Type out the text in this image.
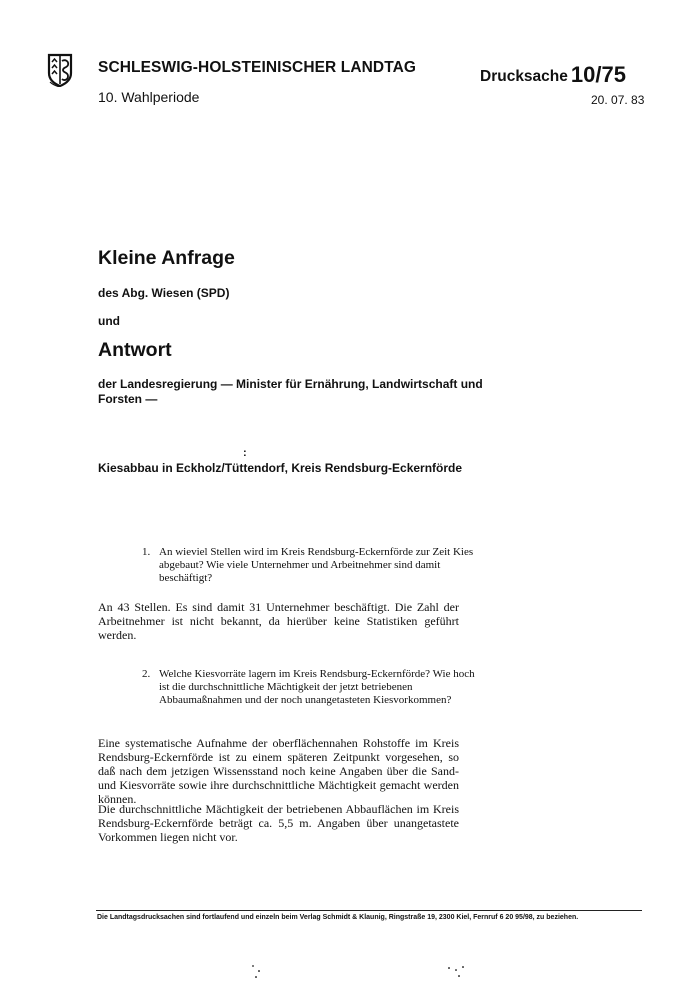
SCHLESWIG-HOLSTEINISCHER LANDTAG
10. Wahlperiode
Drucksache 10/75
20. 07. 83
Kleine Anfrage
des Abg. Wiesen (SPD)
und
Antwort
der Landesregierung — Minister für Ernährung, Landwirtschaft und Forsten —
:
Kiesabbau in Eckholz/Tüttendorf, Kreis Rendsburg-Eckernförde
1. An wieviel Stellen wird im Kreis Rendsburg-Eckernförde zur Zeit Kies abgebaut? Wie viele Unternehmer und Arbeitnehmer sind damit beschäftigt?
An 43 Stellen. Es sind damit 31 Unternehmer beschäftigt. Die Zahl der Arbeitnehmer ist nicht bekannt, da hierüber keine Statistiken geführt werden.
2. Welche Kiesvorräte lagern im Kreis Rendsburg-Eckernförde? Wie hoch ist die durchschnittliche Mächtigkeit der jetzt betriebenen Abbaumaßnahmen und der noch unangetasteten Kiesvorkommen?
Eine systematische Aufnahme der oberflächennahen Rohstoffe im Kreis Rendsburg-Eckernförde ist zu einem späteren Zeitpunkt vorgesehen, so daß nach dem jetzigen Wissensstand noch keine Angaben über die Sand- und Kiesvorräte sowie ihre durchschnittliche Mächtigkeit gemacht werden können.
Die durchschnittliche Mächtigkeit der betriebenen Abbauflächen im Kreis Rendsburg-Eckernförde beträgt ca. 5,5 m. Angaben über unangetastete Vorkommen liegen nicht vor.
Die Landtagsdrucksachen sind fortlaufend und einzeln beim Verlag Schmidt & Klaunig, Ringstraße 19, 2300 Kiel, Fernruf 6 20 95/98, zu beziehen.
